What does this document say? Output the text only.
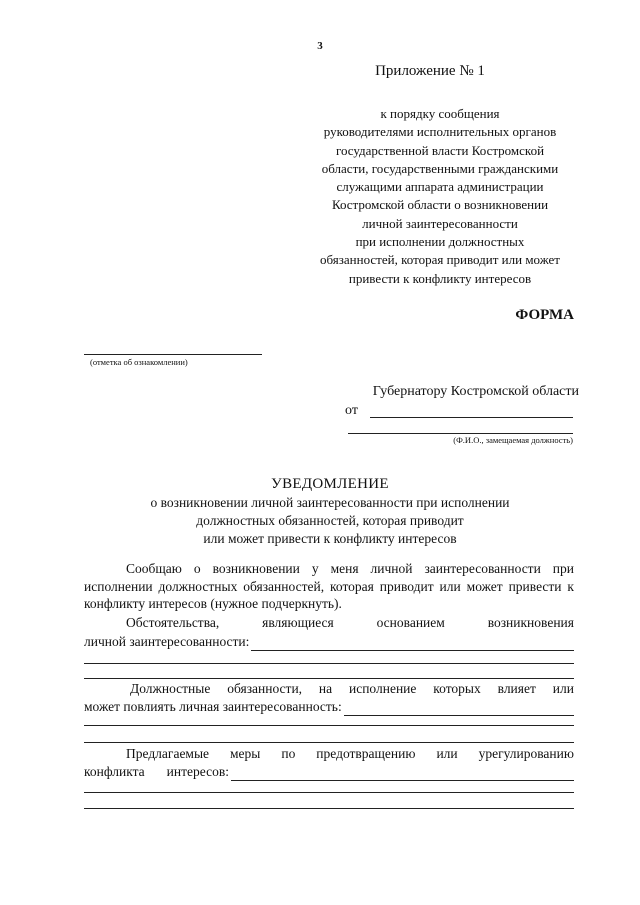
3
Приложение № 1
к порядку сообщения
руководителями исполнительных органов
государственной власти Костромской
области, государственными гражданскими
служащими аппарата администрации
Костромской области о возникновении
личной заинтересованности
при исполнении должностных
обязанностей, которая приводит или может
привести к конфликту интересов
ФОРМА
(отметка об ознакомлении)
Губернатору Костромской области
от
(Ф.И.О., замещаемая должность)
УВЕДОМЛЕНИЕ
о возникновении личной заинтересованности при исполнении
должностных обязанностей, которая приводит
или может привести к конфликту интересов
Сообщаю о возникновении у меня личной заинтересованности при исполнении должностных обязанностей, которая приводит или может привести к конфликту интересов (нужное подчеркнуть).
Обстоятельства,	являющиеся	основанием	возникновения
личной заинтересованности:
Должностные обязанности, на исполнение которых влияет или
может повлиять личная заинтересованность:
Предлагаемые меры по предотвращению или урегулированию
конфликта интересов:
